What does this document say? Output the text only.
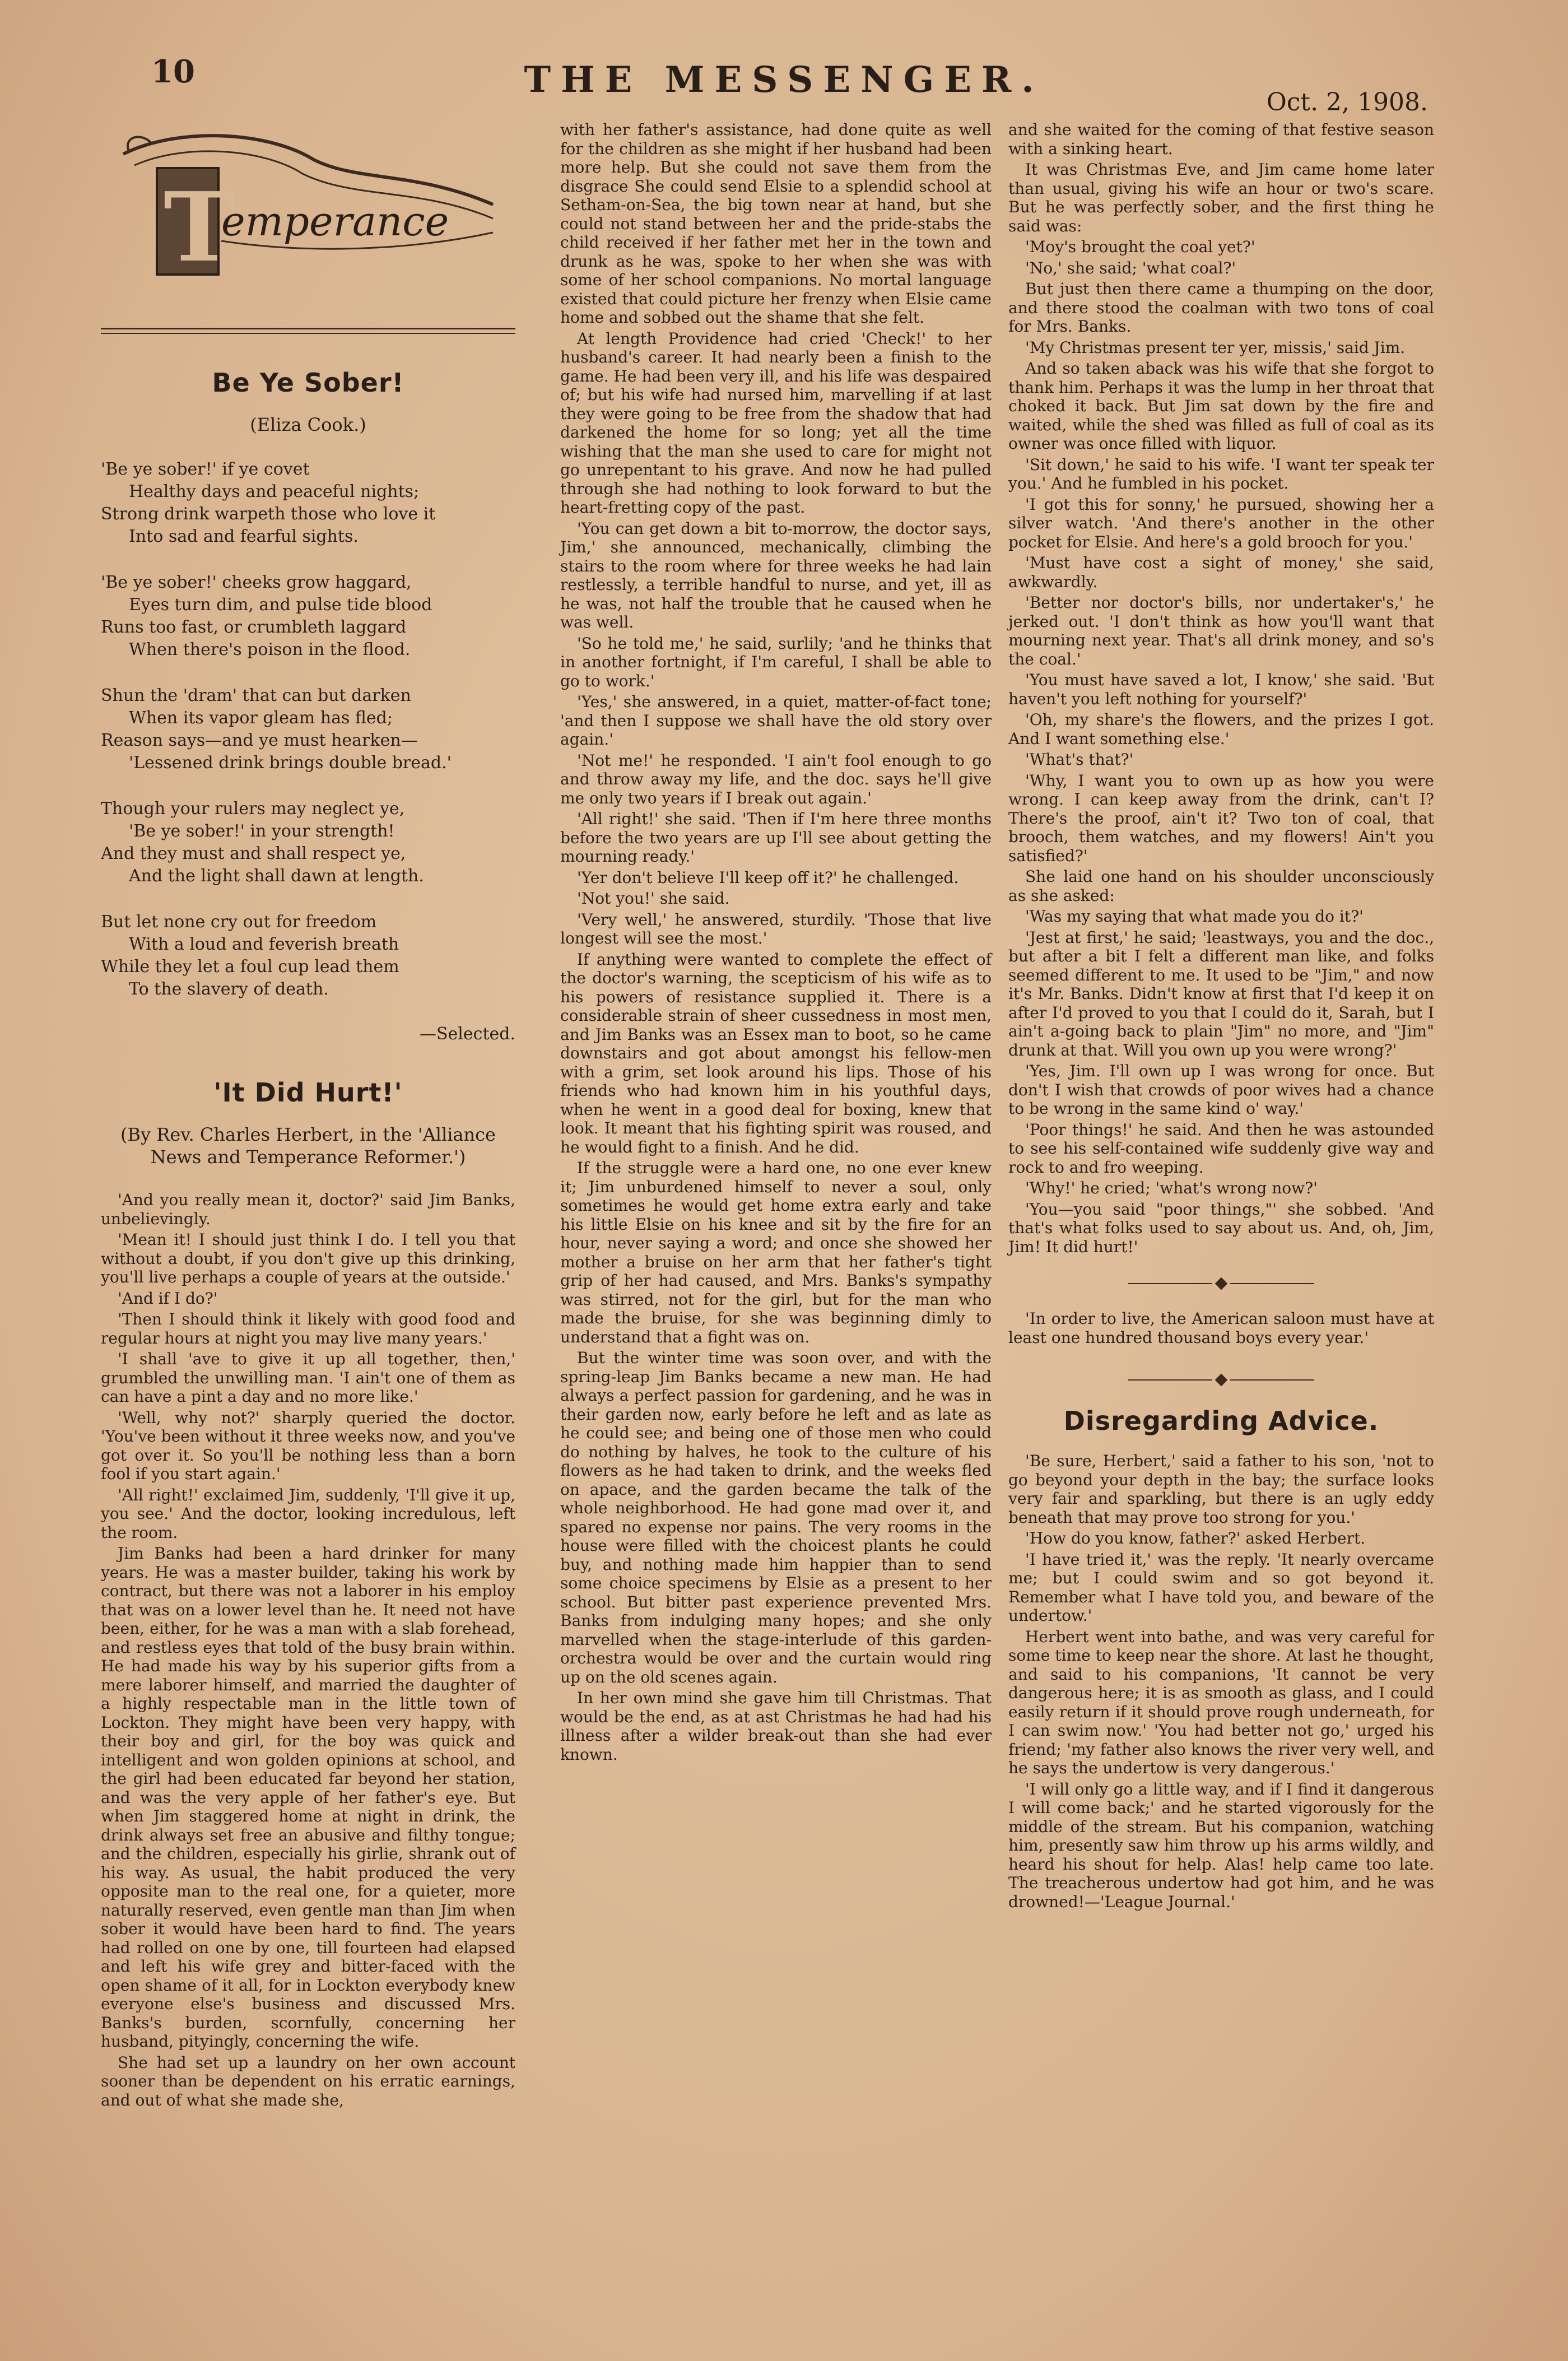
10	THE MESSENGER.
Oct. 2, 1908.
T
emperance
Be Ye Sober!
(Eliza Cook.)
'Be ye sober!' if ye covet
Healthy days and peaceful nights;
Strong drink warpeth those who love it
Into sad and fearful sights.
'Be ye sober!' cheeks grow haggard,
Eyes turn dim, and pulse tide blood
Runs too fast, or crumbleth laggard
When there's poison in the flood.
Shun the 'dram' that can but darken
When its vapor gleam has fled;
Reason says—and ye must hearken—
'Lessened drink brings double bread.'
Though your rulers may neglect ye,
'Be ye sober!' in your strength!
And they must and shall respect ye,
And the light shall dawn at length.
But let none cry out for freedom
With a loud and feverish breath
While they let a foul cup lead them
To the slavery of death.
—Selected.
'It Did Hurt!'
(By Rev. Charles Herbert, in the 'Alliance News and Temperance Reformer.')

'And you really mean it, doctor?' said Jim Banks, unbelievingly.

'Mean it! I should just think I do. I tell you that without a doubt, if you don't give up this drinking, you'll live perhaps a couple of years at the outside.'

'And if I do?'

'Then I should think it likely with good food and regular hours at night you may live many years.'

'I shall 'ave to give it up all together, then,' grumbled the unwilling man. 'I ain't one of them as can have a pint a day and no more like.'

'Well, why not?' sharply queried the doctor. 'You've been without it three weeks now, and you've got over it. So you'll be nothing less than a born fool if you start again.'

'All right!' exclaimed Jim, suddenly, 'I'll give it up, you see.' And the doctor, looking incredulous, left the room.

Jim Banks had been a hard drinker for many years. He was a master builder, taking his work by contract, but there was not a laborer in his employ that was on a lower level than he. It need not have been, either, for he was a man with a slab forehead, and restless eyes that told of the busy brain within. He had made his way by his superior gifts from a mere laborer himself, and married the daughter of a highly respectable man in the little town of Lockton. They might have been very happy, with their boy and girl, for the boy was quick and intelligent and won golden opinions at school, and the girl had been educated far beyond her station, and was the very apple of her father's eye. But when Jim staggered home at night in drink, the drink always set free an abusive and filthy tongue; and the children, especially his girlie, shrank out of his way. As usual, the habit produced the very opposite man to the real one, for a quieter, more naturally reserved, even gentle man than Jim when sober it would have been hard to find. The years had rolled on one by one, till fourteen had elapsed and left his wife grey and bitter-faced with the open shame of it all, for in Lockton everybody knew everyone else's business and discussed Mrs. Banks's burden, scornfully, concerning her husband, pityingly, concerning the wife.

She had set up a laundry on her own account sooner than be dependent on his erratic earnings, and out of what she made she,

with her father's assistance, had done quite as well for the children as she might if her husband had been more help. But she could not save them from the disgrace She could send Elsie to a splendid school at Setham-on-Sea, the big town near at hand, but she could not stand between her and the pride-stabs the child received if her father met her in the town and drunk as he was, spoke to her when she was with some of her school companions. No mortal language existed that could picture her frenzy when Elsie came home and sobbed out the shame that she felt.

At length Providence had cried 'Check!' to her husband's career. It had nearly been a finish to the game. He had been very ill, and his life was despaired of; but his wife had nursed him, marvelling if at last they were going to be free from the shadow that had darkened the home for so long; yet all the time wishing that the man she used to care for might not go unrepentant to his grave. And now he had pulled through she had nothing to look forward to but the heart-fretting copy of the past.

'You can get down a bit to-morrow, the doctor says, Jim,' she announced, mechanically, climbing the stairs to the room where for three weeks he had lain restlessly, a terrible handful to nurse, and yet, ill as he was, not half the trouble that he caused when he was well.

'So he told me,' he said, surlily; 'and he thinks that in another fortnight, if I'm careful, I shall be able to go to work.'

'Yes,' she answered, in a quiet, matter-of-fact tone; 'and then I suppose we shall have the old story over again.'

'Not me!' he responded. 'I ain't fool enough to go and throw away my life, and the doc. says he'll give me only two years if I break out again.'

'All right!' she said. 'Then if I'm here three months before the two years are up I'll see about getting the mourning ready.'

'Yer don't believe I'll keep off it?' he challenged.

'Not you!' she said.

'Very well,' he answered, sturdily. 'Those that live longest will see the most.'

If anything were wanted to complete the effect of the doctor's warning, the scepticism of his wife as to his powers of resistance supplied it. There is a considerable strain of sheer cussedness in most men, and Jim Banks was an Essex man to boot, so he came downstairs and got about amongst his fellow-men with a grim, set look around his lips. Those of his friends who had known him in his youthful days, when he went in a good deal for boxing, knew that look. It meant that his fighting spirit was roused, and he would fight to a finish. And he did.

If the struggle were a hard one, no one ever knew it; Jim unburdened himself to never a soul, only sometimes he would get home extra early and take his little Elsie on his knee and sit by the fire for an hour, never saying a word; and once she showed her mother a bruise on her arm that her father's tight grip of her had caused, and Mrs. Banks's sympathy was stirred, not for the girl, but for the man who made the bruise, for she was beginning dimly to understand that a fight was on.

But the winter time was soon over, and with the spring-leap Jim Banks became a new man. He had always a perfect passion for gardening, and he was in their garden now, early before he left and as late as he could see; and being one of those men who could do nothing by halves, he took to the culture of his flowers as he had taken to drink, and the weeks fled on apace, and the garden became the talk of the whole neighborhood. He had gone mad over it, and spared no expense nor pains. The very rooms in the house were filled with the choicest plants he could buy, and nothing made him happier than to send some choice specimens by Elsie as a present to her school. But bitter past experience prevented Mrs. Banks from indulging many hopes; and she only marvelled when the stage-interlude of this garden-orchestra would be over and the curtain would ring up on the old scenes again.

In her own mind she gave him till Christmas. That would be the end, as at ast Christmas he had had his illness after a wilder break-out than she had ever known.

and she waited for the coming of that festive season with a sinking heart.

It was Christmas Eve, and Jim came home later than usual, giving his wife an hour or two's scare. But he was perfectly sober, and the first thing he said was:

'Moy's brought the coal yet?'

'No,' she said; 'what coal?'

But just then there came a thumping on the door, and there stood the coalman with two tons of coal for Mrs. Banks.

'My Christmas present ter yer, missis,' said Jim.

And so taken aback was his wife that she forgot to thank him. Perhaps it was the lump in her throat that choked it back. But Jim sat down by the fire and waited, while the shed was filled as full of coal as its owner was once filled with liquor.

'Sit down,' he said to his wife. 'I want ter speak ter you.' And he fumbled in his pocket.

'I got this for sonny,' he pursued, showing her a silver watch. 'And there's another in the other pocket for Elsie. And here's a gold brooch for you.'

'Must have cost a sight of money,' she said, awkwardly.

'Better nor doctor's bills, nor undertaker's,' he jerked out. 'I don't think as how you'll want that mourning next year. That's all drink money, and so's the coal.'

'You must have saved a lot, I know,' she said. 'But haven't you left nothing for yourself?'

'Oh, my share's the flowers, and the prizes I got. And I want something else.'

'What's that?'

'Why, I want you to own up as how you were wrong. I can keep away from the drink, can't I? There's the proof, ain't it? Two ton of coal, that brooch, them watches, and my flowers! Ain't you satisfied?'

She laid one hand on his shoulder unconsciously as she asked:

'Was my saying that what made you do it?'

'Jest at first,' he said; 'leastways, you and the doc., but after a bit I felt a different man like, and folks seemed different to me. It used to be "Jim," and now it's Mr. Banks. Didn't know at first that I'd keep it on after I'd proved to you that I could do it, Sarah, but I ain't a-going back to plain "Jim" no more, and "Jim" drunk at that. Will you own up you were wrong?'

'Yes, Jim. I'll own up I was wrong for once. But don't I wish that crowds of poor wives had a chance to be wrong in the same kind o' way.'

'Poor things!' he said. And then he was astounded to see his self-contained wife suddenly give way and rock to and fro weeping.

'Why!' he cried; 'what's wrong now?'

'You—you said "poor things,"' she sobbed. 'And that's what folks used to say about us. And, oh, Jim, Jim! It did hurt!'

'In order to live, the American saloon must have at least one hundred thousand boys every year.'

Disregarding Advice.

'Be sure, Herbert,' said a father to his son, 'not to go beyond your depth in the bay; the surface looks very fair and sparkling, but there is an ugly eddy beneath that may prove too strong for you.'

'How do you know, father?' asked Herbert.

'I have tried it,' was the reply. 'It nearly overcame me; but I could swim and so got beyond it. Remember what I have told you, and beware of the undertow.'

Herbert went into bathe, and was very careful for some time to keep near the shore. At last he thought, and said to his companions, 'It cannot be very dangerous here; it is as smooth as glass, and I could easily return if it should prove rough underneath, for I can swim now.' 'You had better not go,' urged his friend; 'my father also knows the river very well, and he says the undertow is very dangerous.'

'I will only go a little way, and if I find it dangerous I will come back;' and he started vigorously for the middle of the stream. But his companion, watching him, presently saw him throw up his arms wildly, and heard his shout for help. Alas! help came too late. The treacherous undertow had got him, and he was drowned!—'League Journal.'
